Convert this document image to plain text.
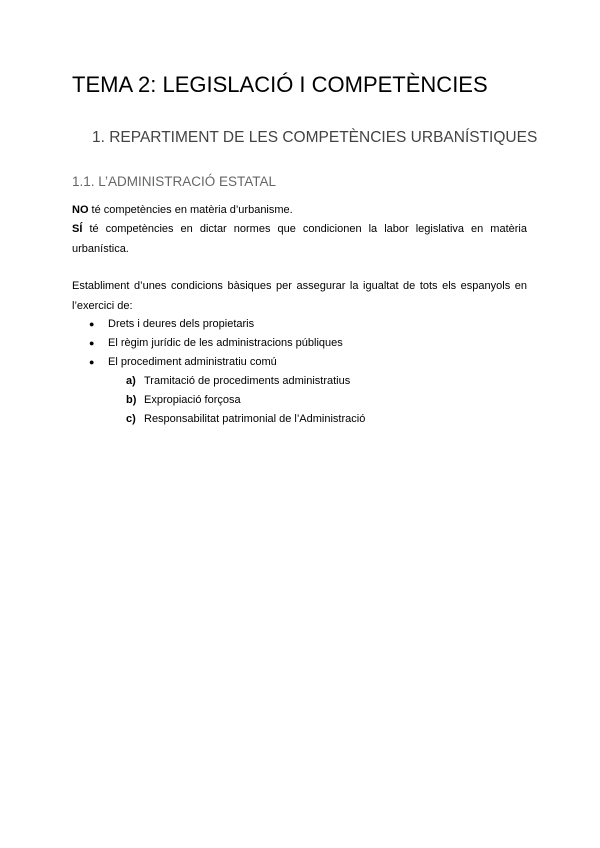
TEMA 2: LEGISLACIÓ I COMPETÈNCIES
1. REPARTIMENT DE LES COMPETÈNCIES URBANÍSTIQUES
1.1. L’ADMINISTRACIÓ ESTATAL

NO té competències en matèria d’urbanisme.

SÍ té competències en dictar normes que condicionen la labor legislativa en matèria urbanística.

Establiment d’unes condicions bàsiques per assegurar la igualtat de tots els espanyols en l’exercici de:

● Drets i deures dels propietaris
● El règim jurídic de les administracions públiques
● El procediment administratiu comú
a) Tramitació de procediments administratius
b) Expropiació forçosa
c) Responsabilitat patrimonial de l’Administració
